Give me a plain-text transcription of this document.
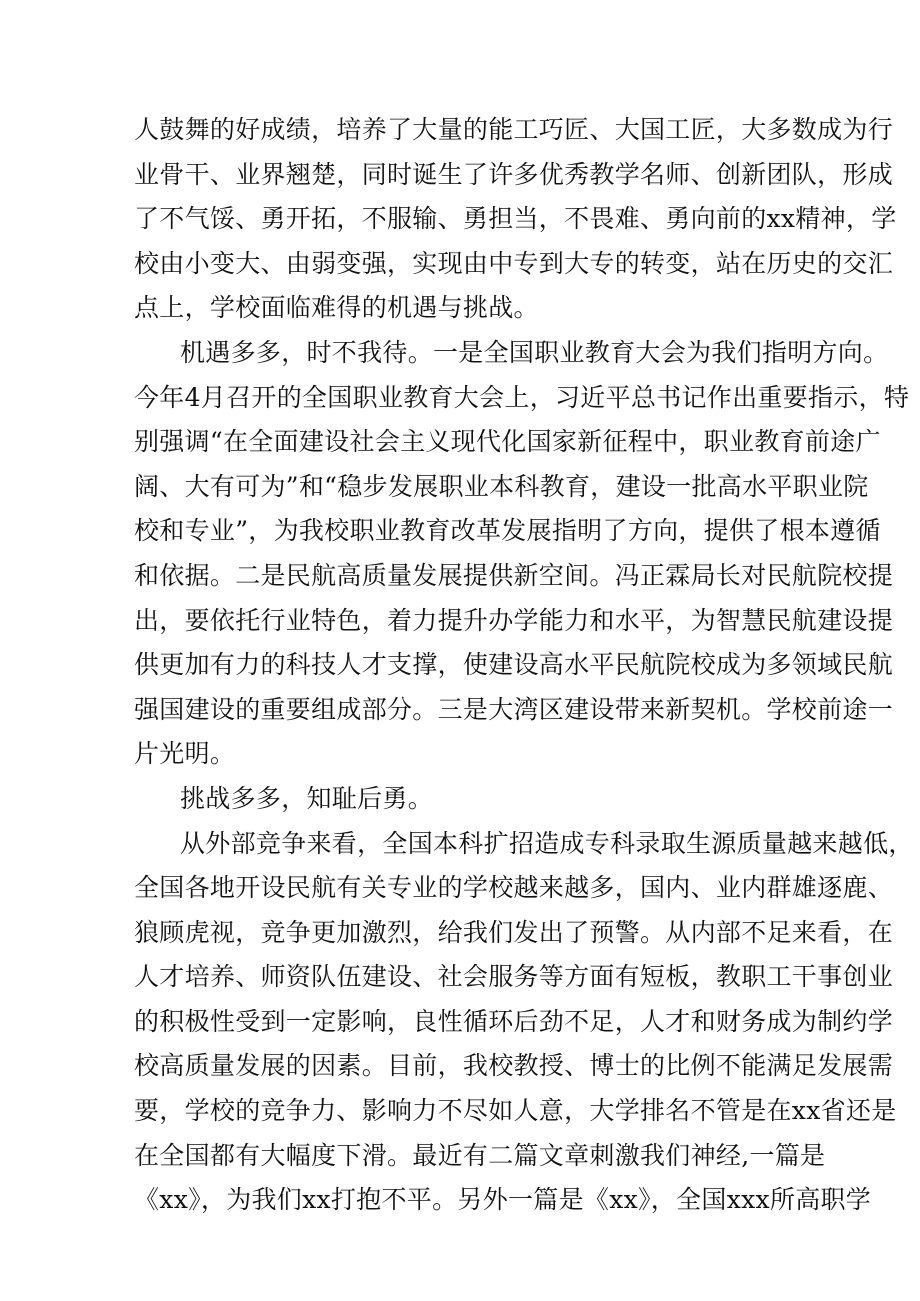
人鼓舞的好成绩，培养了大量的能工巧匠、大国工匠，大多数成为行
业骨干、业界翘楚，同时诞生了许多优秀教学名师、创新团队，形成
了不气馁、勇开拓，不服输、勇担当，不畏难、勇向前的xx精神，学
校由小变大、由弱变强，实现由中专到大专的转变，站在历史的交汇
点上，学校面临难得的机遇与挑战。
机遇多多，时不我待。一是全国职业教育大会为我们指明方向。
今年4月召开的全国职业教育大会上，习近平总书记作出重要指示，特
别强调“在全面建设社会主义现代化国家新征程中，职业教育前途广
阔、大有可为”和“稳步发展职业本科教育，建设一批高水平职业院
校和专业”，为我校职业教育改革发展指明了方向，提供了根本遵循
和依据。二是民航高质量发展提供新空间。冯正霖局长对民航院校提
出，要依托行业特色，着力提升办学能力和水平，为智慧民航建设提
供更加有力的科技人才支撑，使建设高水平民航院校成为多领域民航
强国建设的重要组成部分。三是大湾区建设带来新契机。学校前途一
片光明。
挑战多多，知耻后勇。
从外部竞争来看，全国本科扩招造成专科录取生源质量越来越低，
全国各地开设民航有关专业的学校越来越多，国内、业内群雄逐鹿、
狼顾虎视，竞争更加激烈，给我们发出了预警。从内部不足来看，在
人才培养、师资队伍建设、社会服务等方面有短板，教职工干事创业
的积极性受到一定影响，良性循环后劲不足，人才和财务成为制约学
校高质量发展的因素。目前，我校教授、博士的比例不能满足发展需
要，学校的竞争力、影响力不尽如人意，大学排名不管是在xx省还是
在全国都有大幅度下滑。最近有二篇文章刺激我们神经,一篇是
《xx》，为我们xx打抱不平。另外一篇是《xx》，全国xxx所高职学
